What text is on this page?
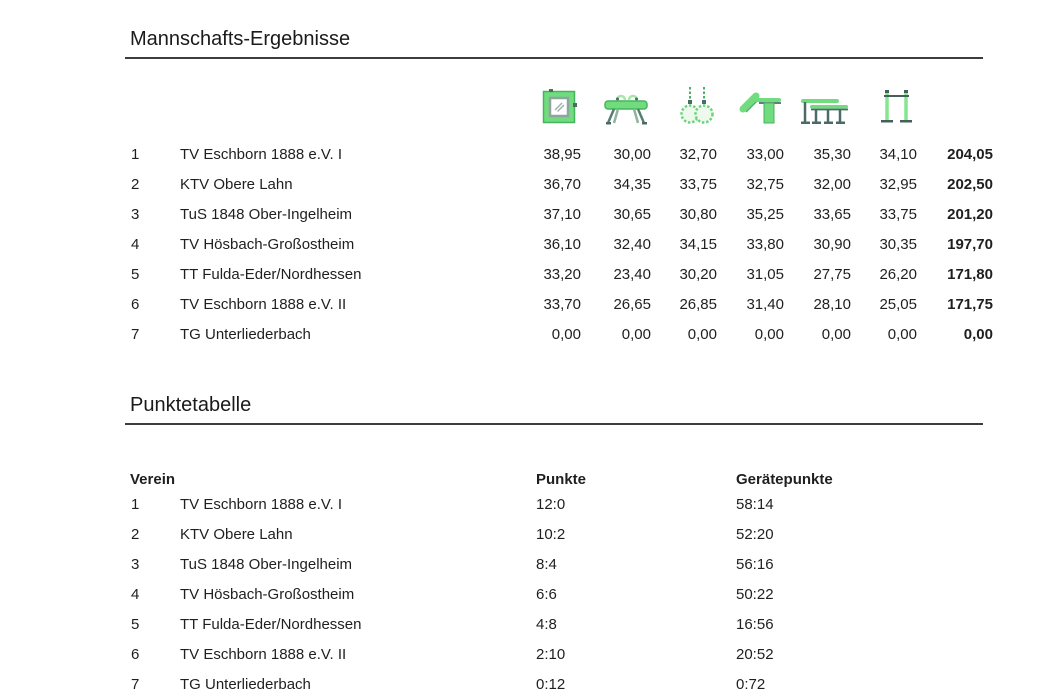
Mannschafts-Ergebnisse
1	TV Eschborn 1888 e.V. I	38,95	30,00	32,70	33,00	35,30	34,10	204,05
2	KTV Obere Lahn	36,70	34,35	33,75	32,75	32,00	32,95	202,50
3	TuS 1848 Ober-Ingelheim	37,10	30,65	30,80	35,25	33,65	33,75	201,20
4	TV Hösbach-Großostheim	36,10	32,40	34,15	33,80	30,90	30,35	197,70
5	TT Fulda-Eder/Nordhessen	33,20	23,40	30,20	31,05	27,75	26,20	171,80
6	TV Eschborn 1888 e.V. II	33,70	26,65	26,85	31,40	28,10	25,05	171,75
7	TG Unterliederbach	0,00	0,00	0,00	0,00	0,00	0,00	0,00
Punktetabelle
Verein	Punkte	Gerätepunkte
1	TV Eschborn 1888 e.V. I	12:0	58:14
2	KTV Obere Lahn	10:2	52:20
3	TuS 1848 Ober-Ingelheim	8:4	56:16
4	TV Hösbach-Großostheim	6:6	50:22
5	TT Fulda-Eder/Nordhessen	4:8	16:56
6	TV Eschborn 1888 e.V. II	2:10	20:52
7	TG Unterliederbach	0:12	0:72
